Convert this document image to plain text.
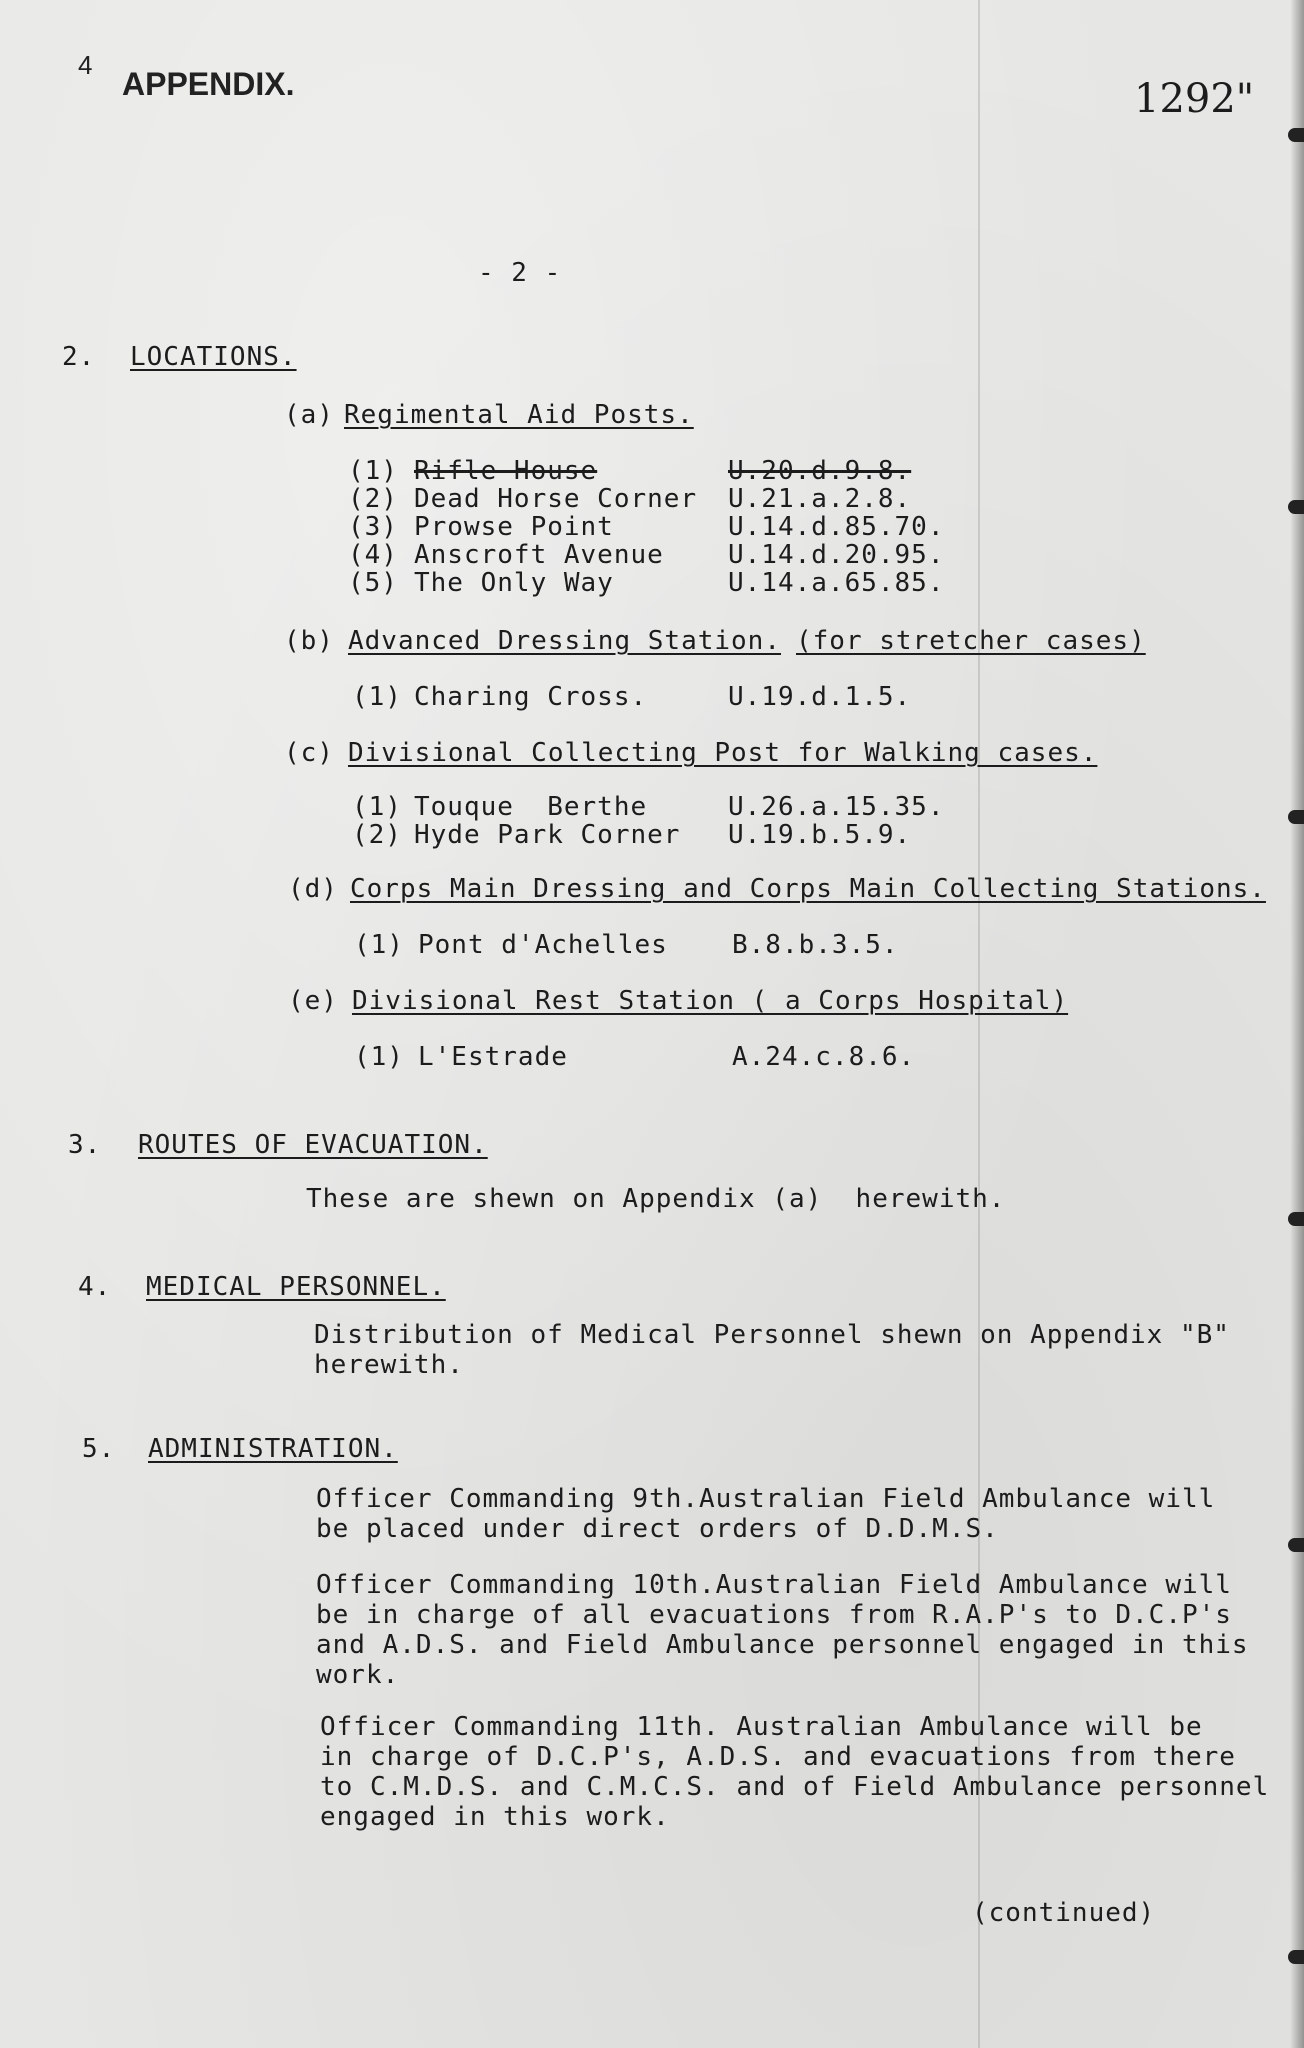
4
APPENDIX.	1292"
- 2 -
2. LOCATIONS.
(a) Regimental Aid Posts.
(1) Rifle House	U.20.d.9.8.
(2) Dead Horse Corner U.21.a.2.8.
(3) Prowse Point	U.14.d.85.70.
(4) Anscroft Avenue U.14.d.20.95.
(5) The Only Way	U.14.a.65.85.
(b) Advanced Dressing Station. (for stretcher cases)
(1) Charing Cross.	U.19.d.1.5.
(c) Divisional Collecting Post for Walking cases.
(1) Touque  Berthe	U.26.a.15.35.
(2) Hyde Park Corner U.19.b.5.9.
(d) Corps Main Dressing and Corps Main Collecting Stations.
(1) Pont d'Achelles B.8.b.3.5.
(e) Divisional Rest Station ( a Corps Hospital)
(1) L'Estrade	A.24.c.8.6.
3. ROUTES OF EVACUATION.
These are shewn on Appendix (a)  herewith.
4. MEDICAL PERSONNEL.
Distribution of Medical Personnel shewn on Appendix "B"
herewith.
5. ADMINISTRATION.
Officer Commanding 9th.Australian Field Ambulance will
be placed under direct orders of D.D.M.S.
Officer Commanding 10th.Australian Field Ambulance will
be in charge of all evacuations from R.A.P's to D.C.P's
and A.D.S. and Field Ambulance personnel engaged in this
work.
Officer Commanding 11th. Australian Ambulance will be
in charge of D.C.P's, A.D.S. and evacuations from there
to C.M.D.S. and C.M.C.S. and of Field Ambulance personnel
engaged in this work.
(continued)
